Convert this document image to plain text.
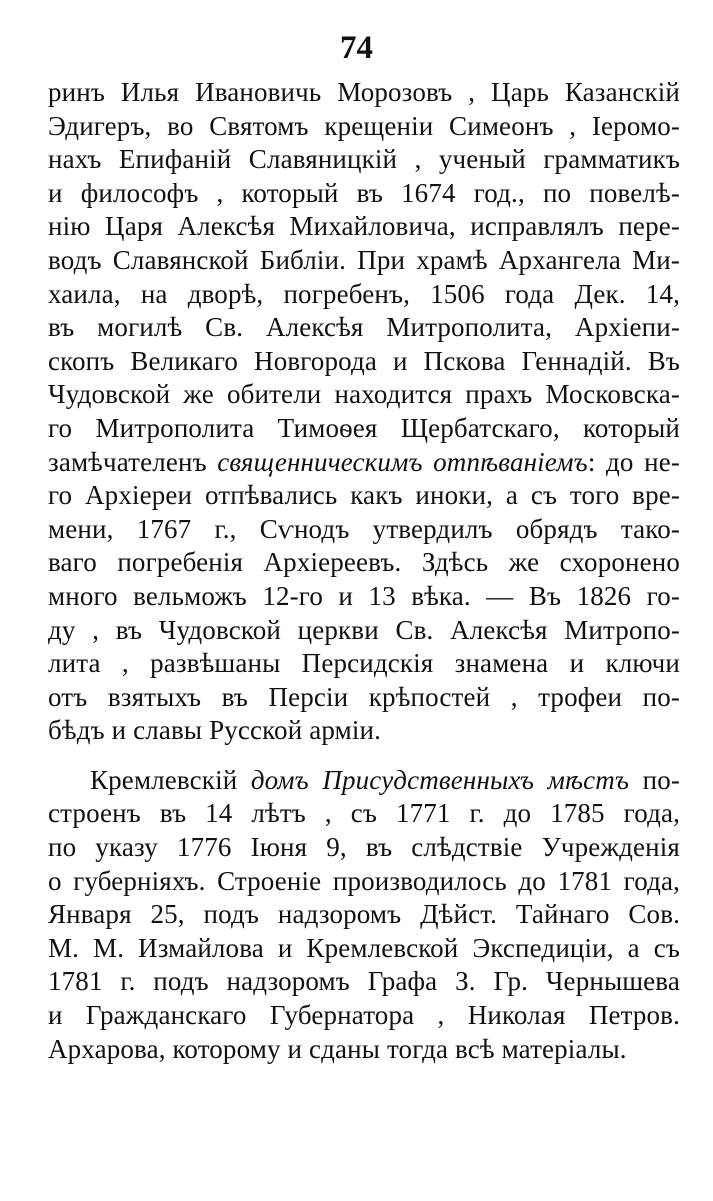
74
ринъ Илья Ивановичь Морозовъ , Царь Казанскій
Эдигеръ, во Святомъ крещеніи Симеонъ , Іеромо-
нахъ Епифаній Славяницкій , ученый грамматикъ
и философъ , который въ 1674 год., по повелѣ-
нію Царя Алексѣя Михайловича, исправлялъ пере-
водъ Славянской Библіи. При храмѣ Архангела Ми-
хаила, на дворѣ, погребенъ, 1506 года Дек. 14,
въ могилѣ Св. Алексѣя Митрополита, Архіепи-
скопъ Великаго Новгорода и Пскова Геннадій. Въ
Чудовской же обители находится прахъ Московска-
го Митрополита Тимоѳея Щербатскаго, который
замѣчателенъ священническимъ отпѣваніемъ: до не-
го Архіереи отпѣвались какъ иноки, а съ того вре-
мени, 1767 г., Сѵнодъ утвердилъ обрядъ тако-
ваго погребенія Архіереевъ. Здѣсь же схоронено
много вельможъ 12-го и 13 вѣка. — Въ 1826 го-
ду , въ Чудовской церкви Св. Алексѣя Митропо-
лита , развѣшаны Персидскія знамена и ключи
отъ взятыхъ въ Персіи крѣпостей , трофеи по-
бѣдъ и славы Русской арміи.
Кремлевскій домъ Присудственныхъ мѣстъ по-
строенъ въ 14 лѣтъ , съ 1771 г. до 1785 года,
по указу 1776 Іюня 9, въ слѣдствіе Учрежденія
о губерніяхъ. Строеніе производилось до 1781 года,
Января 25, подъ надзоромъ Дѣйст. Тайнаго Сов.
М. М. Измайлова и Кремлевской Экспедиціи, а съ
1781 г. подъ надзоромъ Графа З. Гр. Чернышева
и Гражданскаго Губернатора , Николая Петров.
Архарова, которому и сданы тогда всѣ матеріалы.
